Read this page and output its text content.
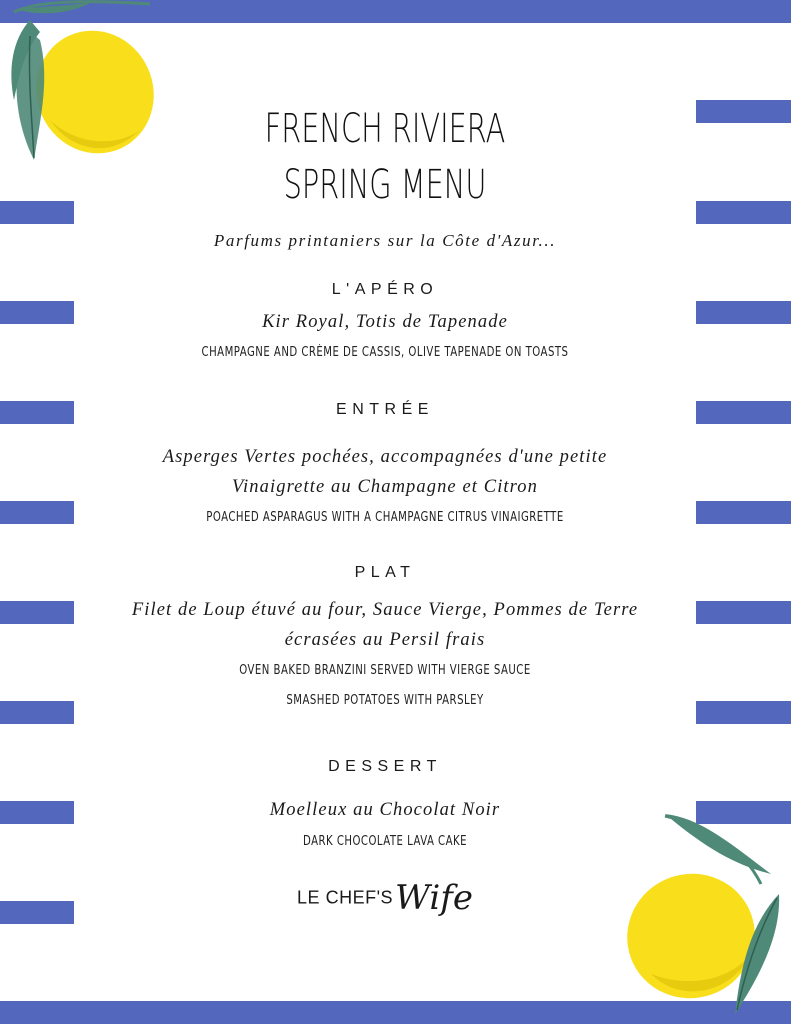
FRENCH RIVIERA
SPRING MENU
Parfums printaniers sur la Côte d'Azur...
L'APÉRO
Kir Royal, Totis de Tapenade
CHAMPAGNE AND CRÈME DE CASSIS, OLIVE TAPENADE ON TOASTS
ENTRÉE
Asperges Vertes pochées, accompagnées d'une petite
Vinaigrette au Champagne et Citron
POACHED ASPARAGUS WITH A CHAMPAGNE CITRUS VINAIGRETTE
PLAT
Filet de Loup étuvé au four, Sauce Vierge, Pommes de Terre
écrasées au Persil frais
OVEN BAKED BRANZINI SERVED WITH VIERGE SAUCE
SMASHED POTATOES WITH PARSLEY
DESSERT
Moelleux au Chocolat Noir
DARK CHOCOLATE LAVA CAKE
LE CHEF'SWife
